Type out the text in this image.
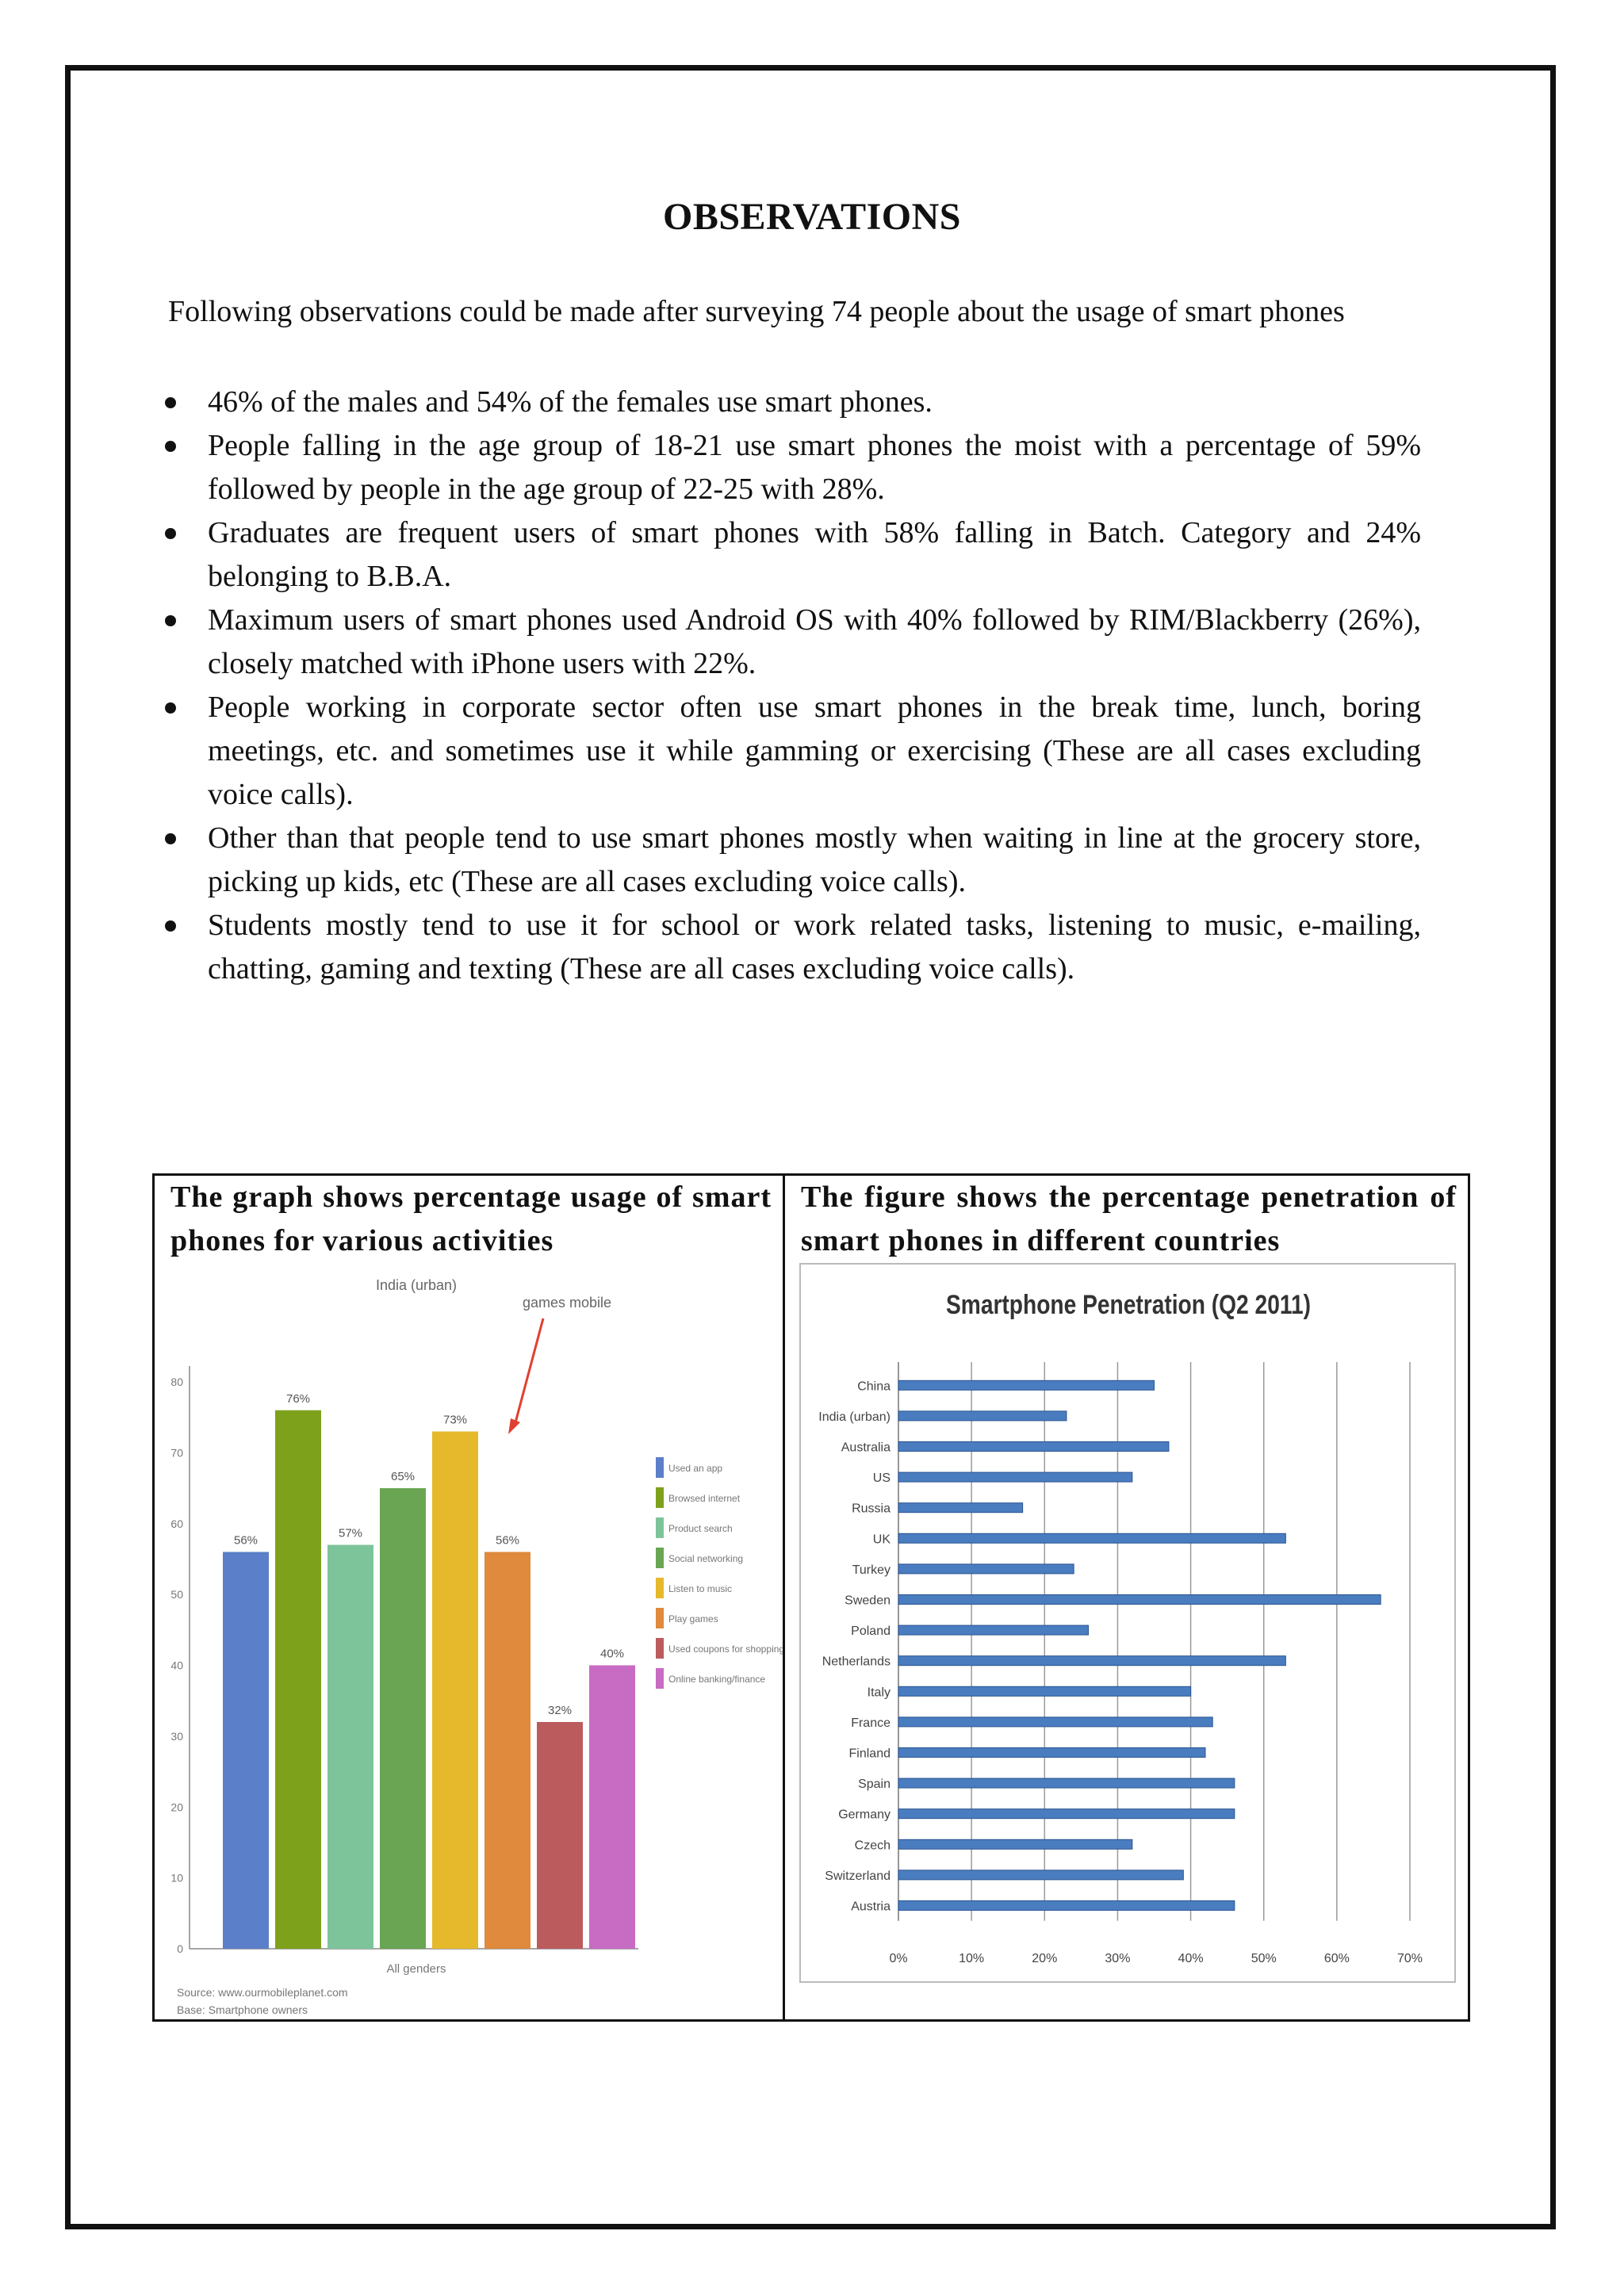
OBSERVATIONS
Following observations could be made after surveying 74 people about the usage of smart phones
46% of the males and 54% of the females use smart phones.
People falling in the age group of 18-21 use smart phones the moist with a percentage of 59% followed by people in the age group of 22-25 with 28%.
Graduates are frequent users of smart phones with 58% falling in Batch. Category and 24% belonging to B.B.A.
Maximum users of smart phones used Android OS with 40% followed by RIM/Blackberry (26%), closely matched with iPhone users with 22%.
People working in corporate sector often use smart phones in the break time, lunch, boring meetings, etc. and sometimes use it while gamming or exercising (These are all cases excluding voice calls).
Other than that people tend to use smart phones mostly when waiting in line at the grocery store, picking up kids, etc (These are all cases excluding voice calls).
Students mostly tend to use it for school or work related tasks, listening to music, e-mailing, chatting, gaming and texting (These are all cases excluding voice calls).
The graph shows percentage usage of smart phones for various activities
India (urban)
games mobile
0
10
20
30
40
50
60
70
80
56%
Used an app
76%
Browsed internet
57%	Product search
65%
Social networking
73%
Listen to music
56%
Play games
32%
Used coupons for shopping
40%
Online banking/finance
All genders
Source: www.ourmobileplanet.com
Base: Smartphone owners
The figure shows the percentage penetration of smart phones in different countries
Smartphone Penetration (Q2 2011)
0%	10%	20%	30%	40%	50%	60%	70%
China
India (urban)
Australia
US
Russia
UK
Turkey
Sweden
Poland
Netherlands
Italy
France
Finland
Spain
Germany
Czech
Switzerland
Austria
